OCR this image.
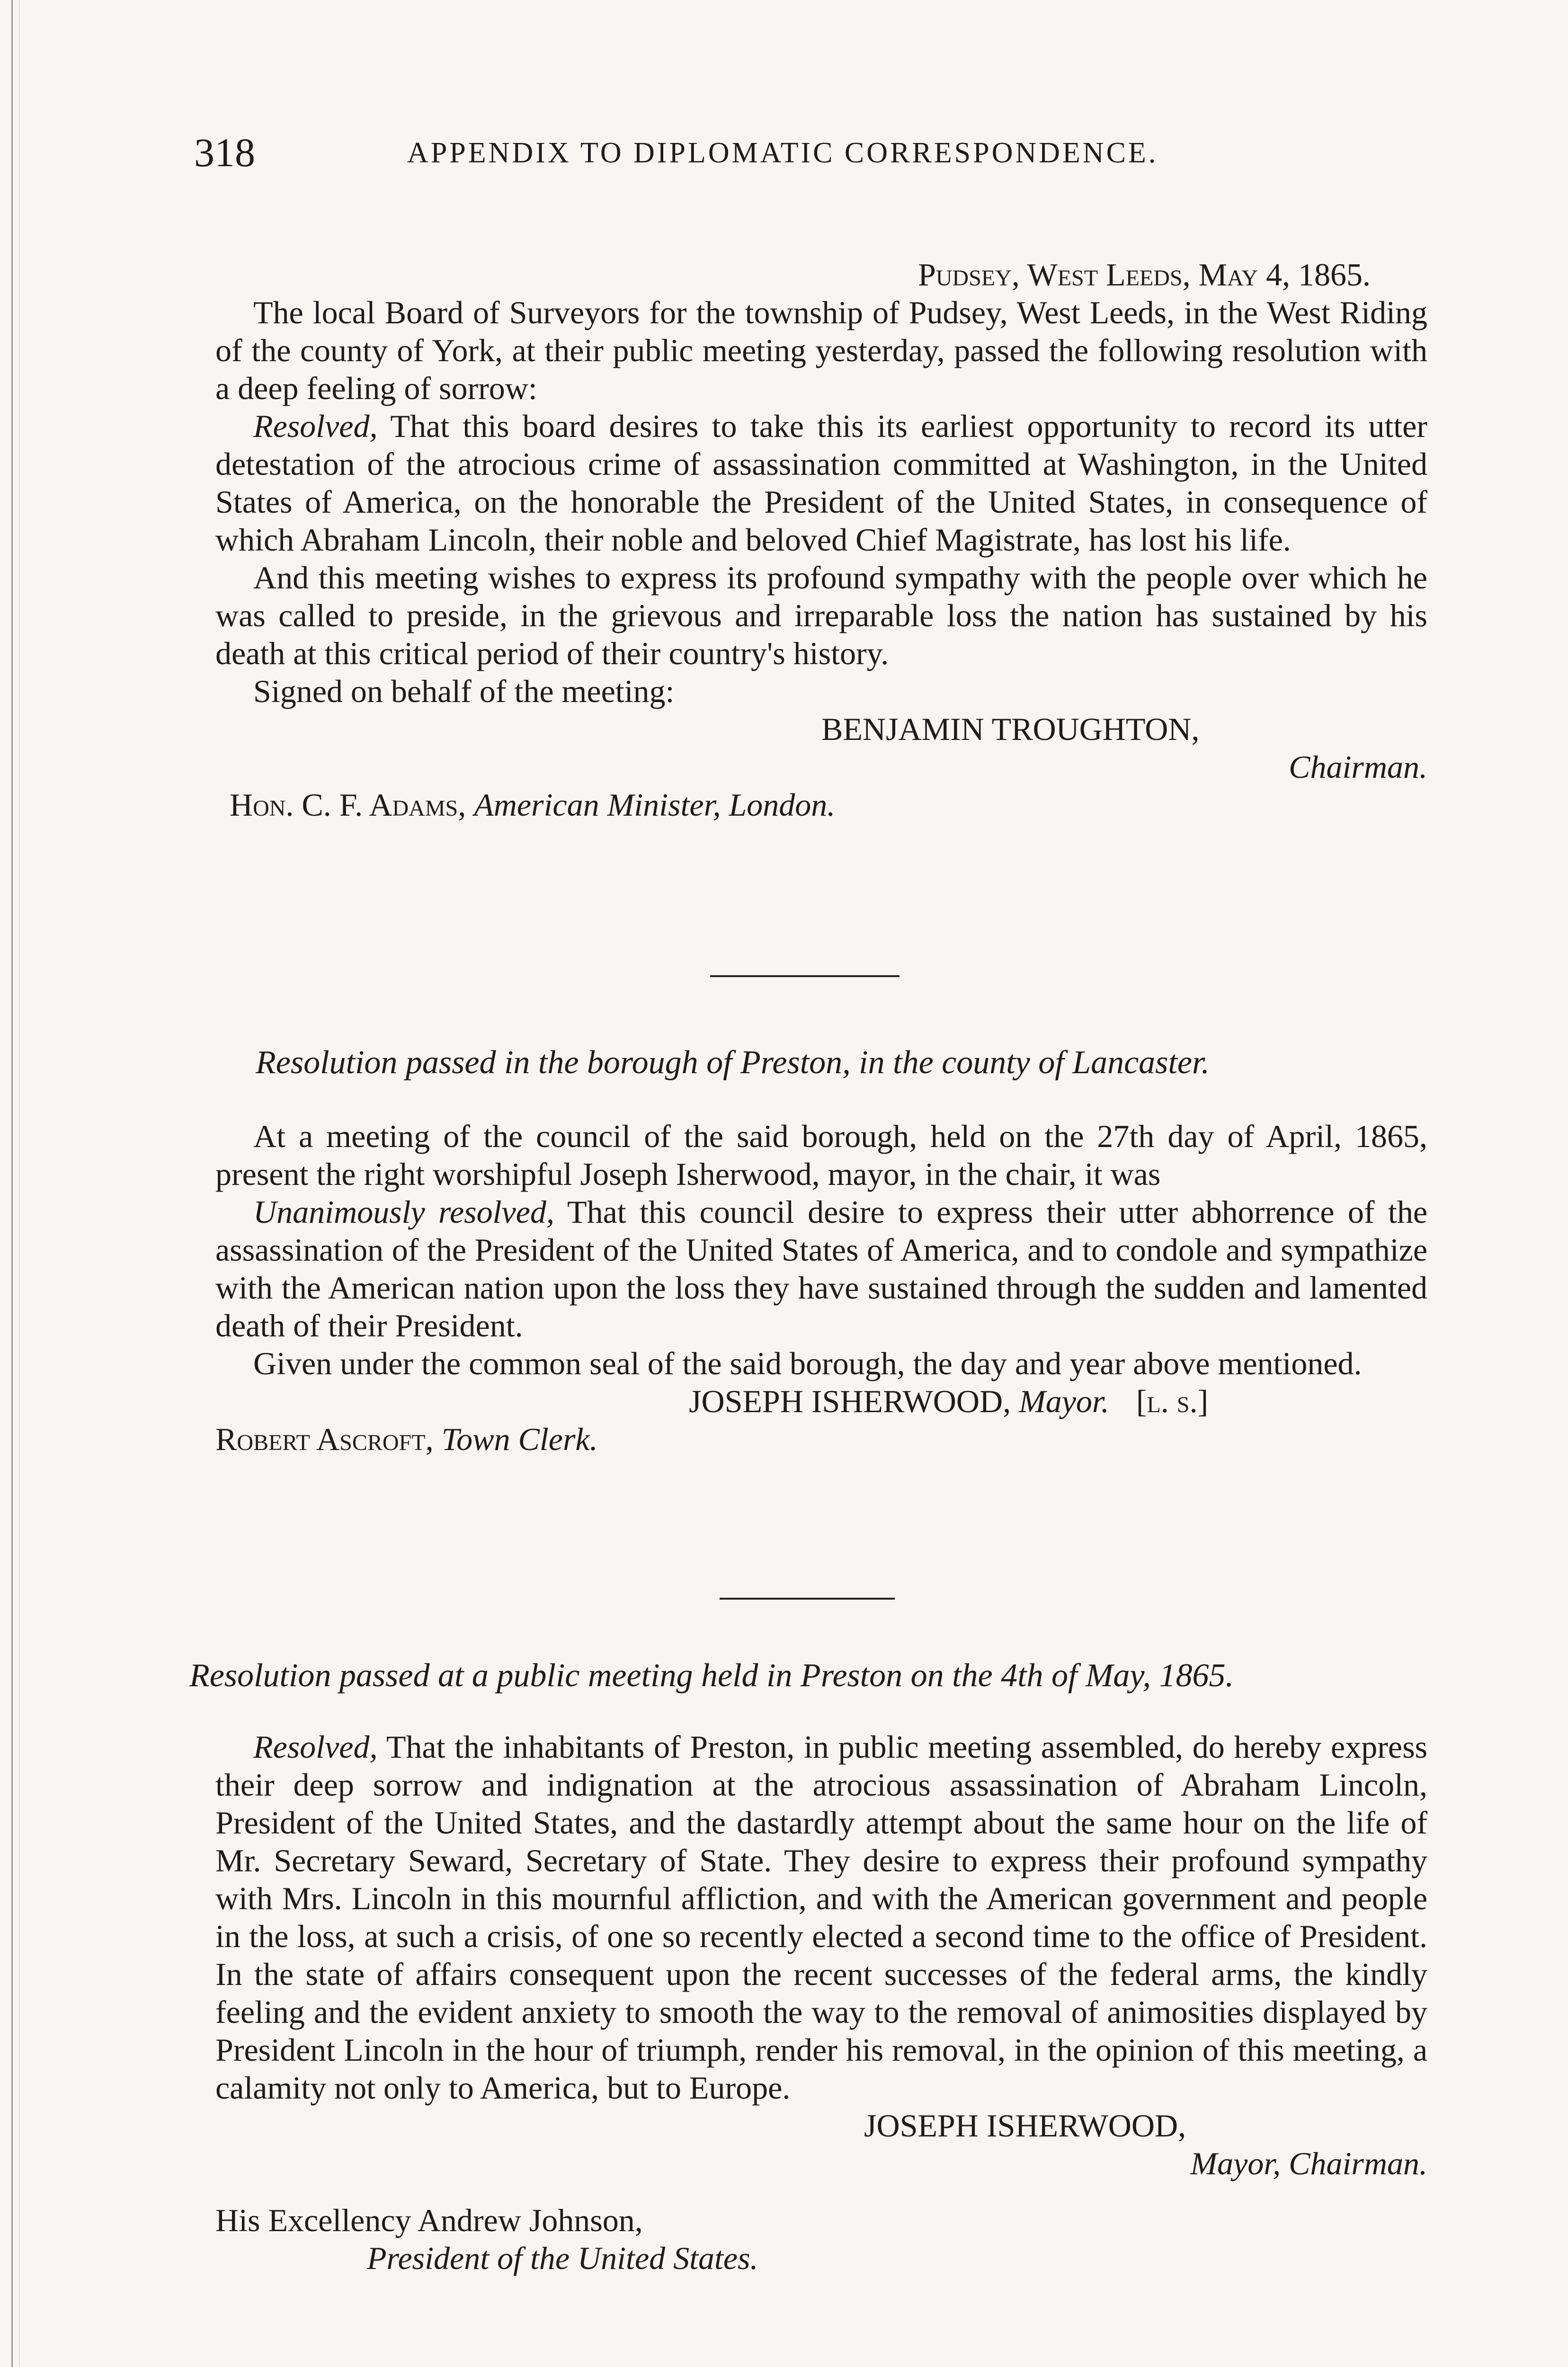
318	APPENDIX TO DIPLOMATIC CORRESPONDENCE.
Pudsey, West Leeds, May 4, 1865.

The local Board of Surveyors for the township of Pudsey, West Leeds, in the West Riding of the county of York, at their public meeting yesterday, passed the following resolution with a deep feeling of sorrow:

Resolved, That this board desires to take this its earliest opportunity to record its utter detestation of the atrocious crime of assassination committed at Washington, in the United States of America, on the honorable the President of the United States, in consequence of which Abraham Lincoln, their noble and beloved Chief Magistrate, has lost his life.

And this meeting wishes to express its profound sympathy with the people over which he was called to preside, in the grievous and irreparable loss the nation has sustained by his death at this critical period of their country's history.

Signed on behalf of the meeting:

BENJAMIN TROUGHTON,
Chairman.
Hon. C. F. Adams, American Minister, London.
Resolution passed in the borough of Preston, in the county of Lancaster.

At a meeting of the council of the said borough, held on the 27th day of April, 1865, present the right worshipful Joseph Isherwood, mayor, in the chair, it was

Unanimously resolved, That this council desire to express their utter abhorrence of the assassination of the President of the United States of America, and to condole and sympathize with the American nation upon the loss they have sustained through the sudden and lamented death of their President.

Given under the common seal of the said borough, the day and year above mentioned.

JOSEPH ISHERWOOD, Mayor. [l. s.]
Robert Ascroft, Town Clerk.
Resolution passed at a public meeting held in Preston on the 4th of May, 1865.

Resolved, That the inhabitants of Preston, in public meeting assembled, do hereby express their deep sorrow and indignation at the atrocious assassination of Abraham Lincoln, President of the United States, and the dastardly attempt about the same hour on the life of Mr. Secretary Seward, Secretary of State. They desire to express their profound sympathy with Mrs. Lincoln in this mournful affliction, and with the American government and people in the loss, at such a crisis, of one so recently elected a second time to the office of President. In the state of affairs consequent upon the recent successes of the federal arms, the kindly feeling and the evident anxiety to smooth the way to the removal of animosities displayed by President Lincoln in the hour of triumph, render his removal, in the opinion of this meeting, a calamity not only to America, but to Europe.

JOSEPH ISHERWOOD,
Mayor, Chairman.
His Excellency Andrew Johnson,
President of the United States.
